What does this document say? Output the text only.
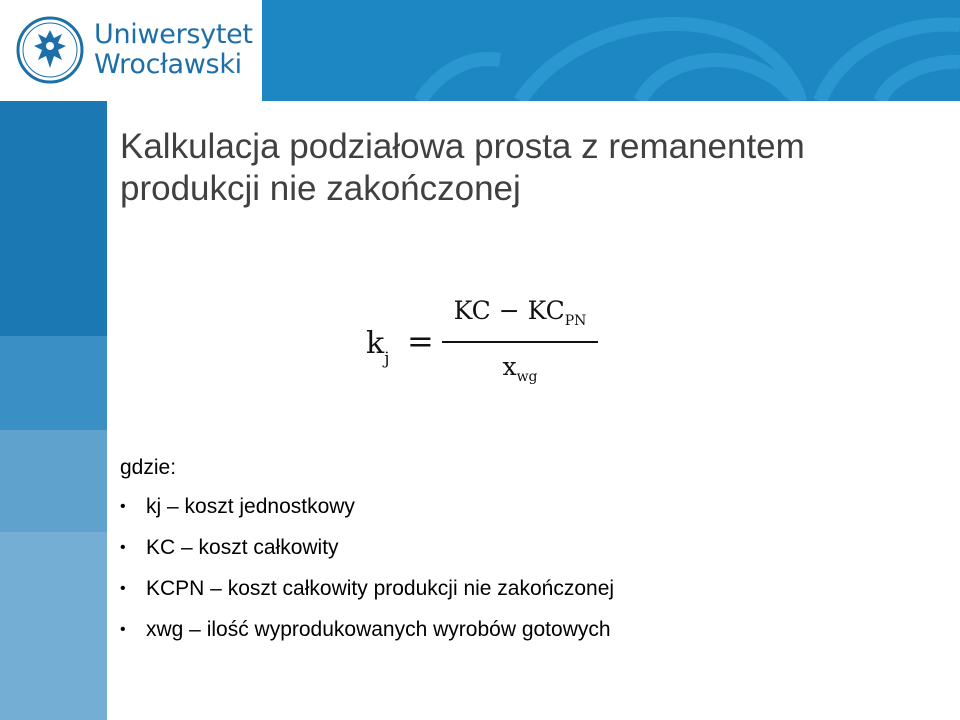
Uniwersytet
Wrocławski
Kalkulacja podziałowa prosta z remanentem
produkcji nie zakończonej
$k_j$ =
KC − $KC_{PN}$
$x_{wg}$

gdzie:

• kj – koszt jednostkowy
• KC – koszt całkowity
• KCPN – koszt całkowity produkcji nie zakończonej
• xwg – ilość wyprodukowanych wyrobów gotowych
